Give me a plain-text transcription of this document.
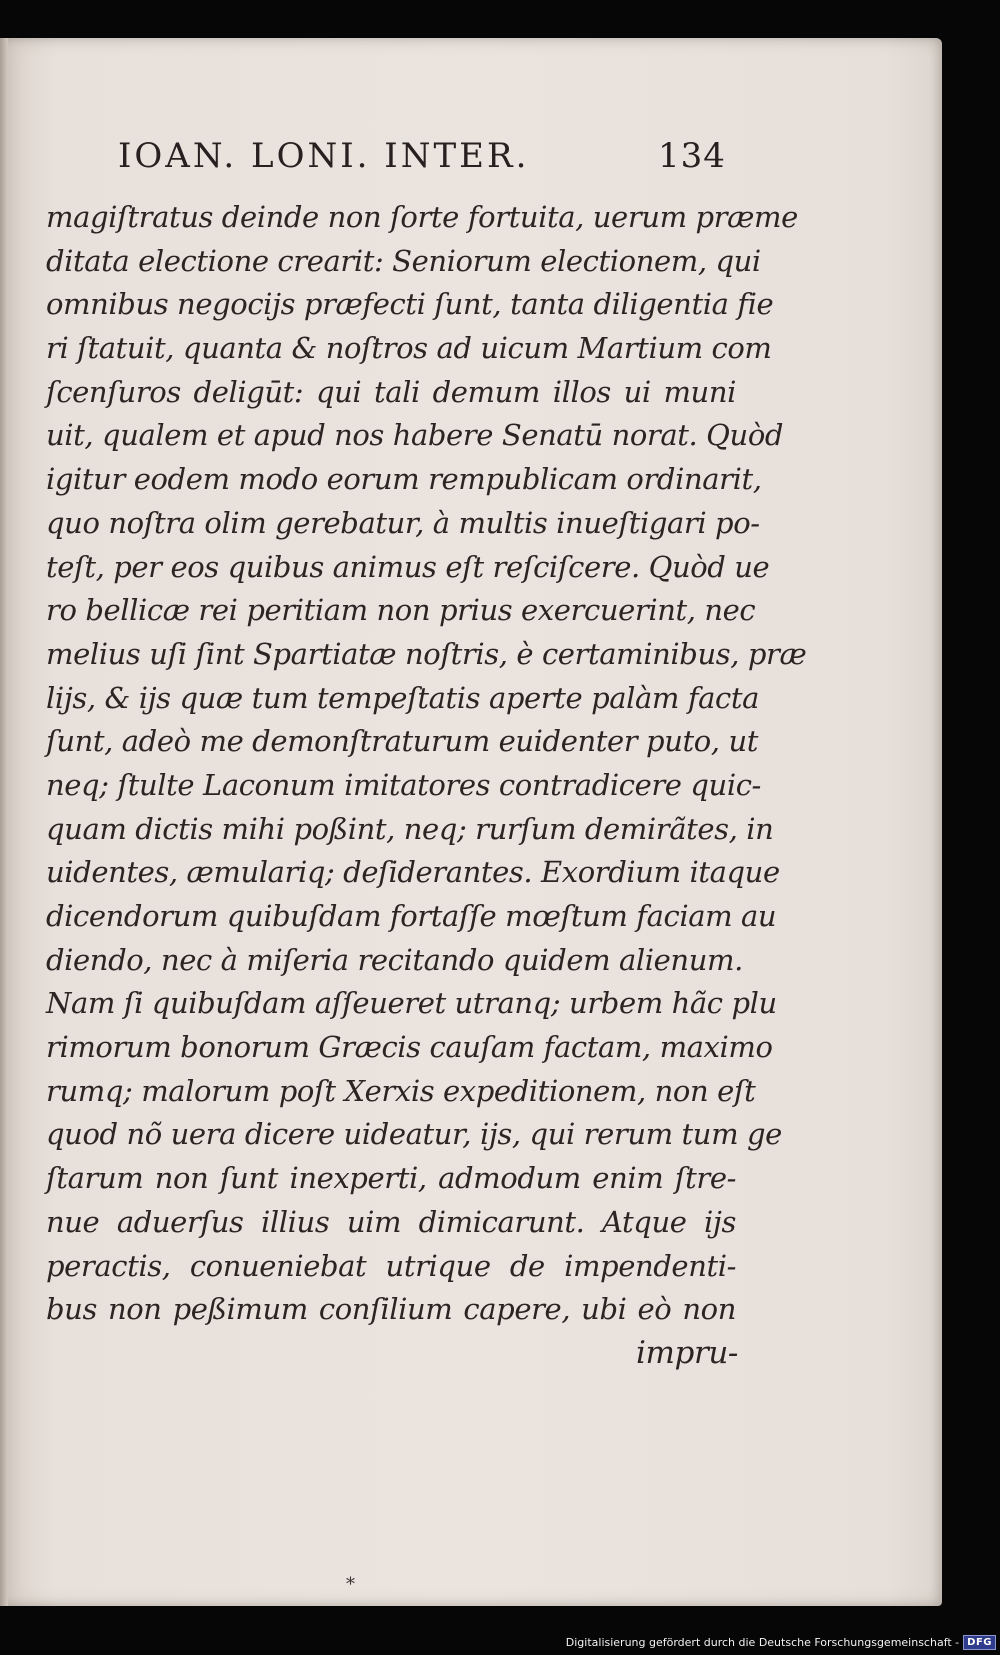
IOAN. LONI. INTER.	134
magiſtratus deinde non ſorte fortuita, uerum præme
ditata electione crearit: Seniorum electionem, qui
omnibus negocijs præfecti ſunt, tanta diligentia fie
ri ſtatuit, quanta & noſtros ad uicum Martium com
ſcenſuros deligūt: qui tali demum illos ui muni
uit, qualem et apud nos habere Senatū norat. Quòd
igitur eodem modo eorum rempublicam ordinarit,
quo noſtra olim gerebatur, à multis inueſtigari po-
teſt, per eos quibus animus eſt reſciſcere. Quòd ue
ro bellicæ rei peritiam non prius exercuerint, nec
melius uſi ſint Spartiatæ noſtris, è certaminibus, præ
lijs, & ijs quæ tum tempeſtatis aperte palàm facta
ſunt, adeò me demonſtraturum euidenter puto, ut
neq; ſtulte Laconum imitatores contradicere quic-
quam dictis mihi poßint, neq; rurſum demirãtes, in
uidentes, æmulariq; deſiderantes. Exordium itaque
dicendorum quibuſdam fortaſſe mœſtum faciam au
diendo, nec à miſeria recitando quidem alienum.
Nam ſi quibuſdam aſſeueret utranq; urbem hãc plu
rimorum bonorum Græcis cauſam factam, maximo
rumq; malorum poſt Xerxis expeditionem, non eſt
quod nõ uera dicere uideatur, ijs, qui rerum tum ge
ſtarum non ſunt inexperti, admodum enim ſtre-
nue aduerſus illius uim dimicarunt. Atque ijs
peractis, conueniebat utrique de impendenti-
bus non peßimum conſilium capere, ubi eò non
impru-
*
Digitalisierung gefördert durch die Deutsche Forschungsgemeinschaft - DFG
